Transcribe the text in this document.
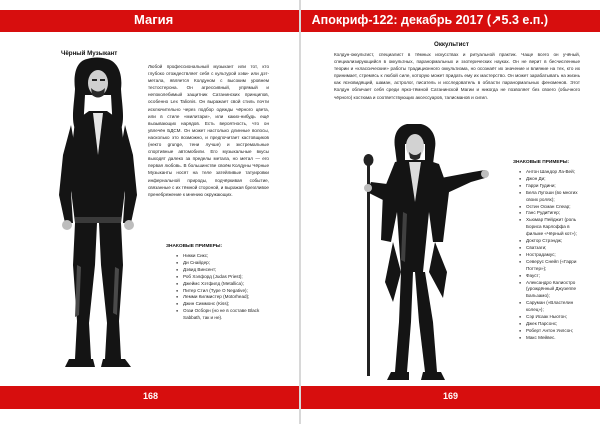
Магия
Чёрный Музыкант
Любой профессиональный музыкант или тот, кто глубоко отождествляет себя с культурой хэви- или дэт-метала, является Колдуном с высоким уровнем тестостерона. Он агрессивный, упрямый и непоколебимый защитник Сатанинских принципов, особенно Lex Talionis. Он выражает свой стиль почти исключительно через подбор одежды чёрного цвета, или в стиле «милитари», или каких-нибудь ещё вызывающих нарядов. Есть вероятность, что он увлечён БДСМ. Он может настолько длинные волосы, насколько это возможно, и предпочитает кастовщиков (некто grunge, тени лучше) и экстремальные спортивные автомобили. Его музыкальные вкусы выходят далеко за пределы метала, но метал — его первая любовь. В большинстве своём Колдуны Чёрные Музыканты носят на теле затейливые татуировки инфернальной природы, подчёркивая событие, связанные с их тёмной стороной, и выражая брезгливое пренебрежение к мнению окружающих.
ЗНАКОВЫЕ ПРИМЕРЫ:
● Никки Сикс;
● Ди Снайдер;
● Дэвид Винсент;
● Роб Хэлфорд (Judas Priest);
● Джеймс Хэтфилд (Metallica);
● Питер Стил (Type O Negative);
● Лемми Килмистер (Motorhead);
● Джин Симмонс (Kiss);
● Оззи Осборн (но не в составе Black Sabbath, так и не).
168
Апокриф-122: декабрь 2017 (↗5.3 е.п.)
Оккультист
Колдун-оккультист, специалист в тёмных искусствах и ритуальной практик. Чаще всего он учёный, специализирующийся в оккультных, паранормальных и эзотерических науках. Он не верит в бесчисленные теории и «классические» работы традиционного оккультизма, но осознаёт их значение и влияние на тех, кто их принимает, стремясь к любой силе, которую может придать ему их мастерство. Он может зарабатывать на жизнь как ясновидящий, шаман, астролог, писатель и исследователь в области паранормальных феноменов. Этот Колдун обличает себя среди ярко-тёмной Сатанинской Магии и никогда не позволяет без своего (обычного чёрного) костюма и соответствующих аксессуаров, талисманов и сигил.
ЗНАКОВЫЕ ПРИМЕРЫ:
● Антон Шандор Ла-Вей;
● Джон Ди;
● Гарри Гудини;
● Бела Лугоши (во многих своих ролях);
● Остин Осман Спеар;
● Ганс РудиГигер;
● Хьюмар Пейджит (роль Бориса Карлоффа в фильме «Чёрный кот»);
● Доктор Стрэндж;
● Сватзаги;
● Нострадамус;
● Северус Снейп («Гарри Поттер»);
● Фауст;
● Александро Калиостро (урождённый Джузеппе Бальзамо);
● Саруман («Властелин колец»);
● Сэр Исаак Ньютон;
● Джек Парсонс;
● Роберт Антон Уилсон;
● Макс Мейвес.
169
